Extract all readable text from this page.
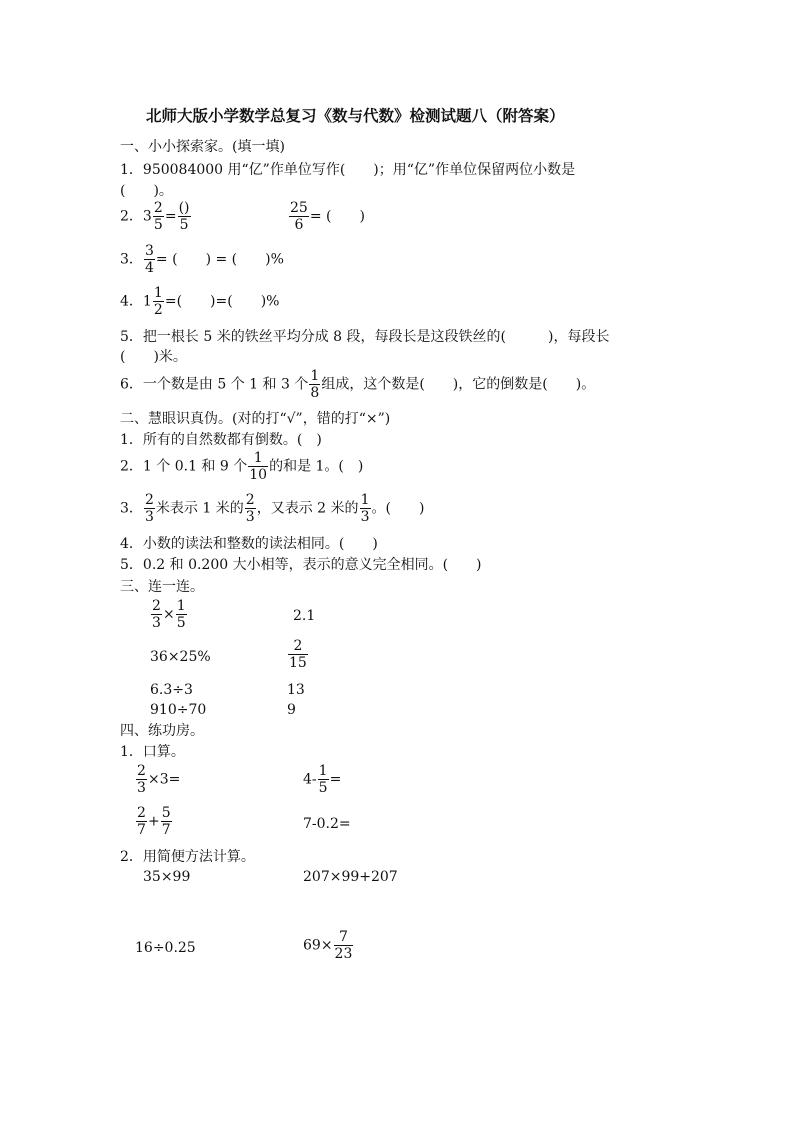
北师大版小学数学总复习《数与代数》检测试题八（附答案）
一、小小探索家。(填一填)
1．950084000 用“亿”作单位写作(　　)；用“亿”作单位保留两位小数是
(　　)。
2．$3 \frac{2}{5}$ =
()
5	$\frac{25}{6}$ = (　　)
3． $\frac{3}{4}$ = (　　) = (　　)%
4．$1 \frac{1}{2}$ =(　　)=(　　)%
5．把一根长 5 米的铁丝平均分成 8 段，每段长是这段铁丝的(　　　)，每段长
(　　)米。
6．一个数是由 5 个 1 和 3 个 $\frac{1}{8}$ 组成，这个数是(　　)，它的倒数是(　　)。
二、慧眼识真伪。(对的打“√”，错的打“×”)
1．所有的自然数都有倒数。(　)
2．1 个 0.1 和 9 个 $\frac{1}{10}$ 的和是 1。(　)
3． $\frac{2}{3}$ 米表示 1 米的 $\frac{2}{3}$ ，又表示 2 米的 $\frac{1}{3}$ 。(　　)
4．小数的读法和整数的读法相同。(　　)
5．0.2 和 0.200 大小相等，表示的意义完全相同。(　　)
三、连一连。
$\frac{2}{3} \times \frac{1}{5}$	2.1
36×25%	$\frac{2}{15}$
6.3÷3	13
910÷70	9
四、练功房。
1．口算。
$\frac{2}{3} \times 3=$	$4- \frac{1}{5}$ =
$\frac{2}{7} + \frac{5}{7}$	7-0.2=
2．用简便方法计算。
35×99	207×99+207
16÷0.25	$69\times \frac{7}{23}$
